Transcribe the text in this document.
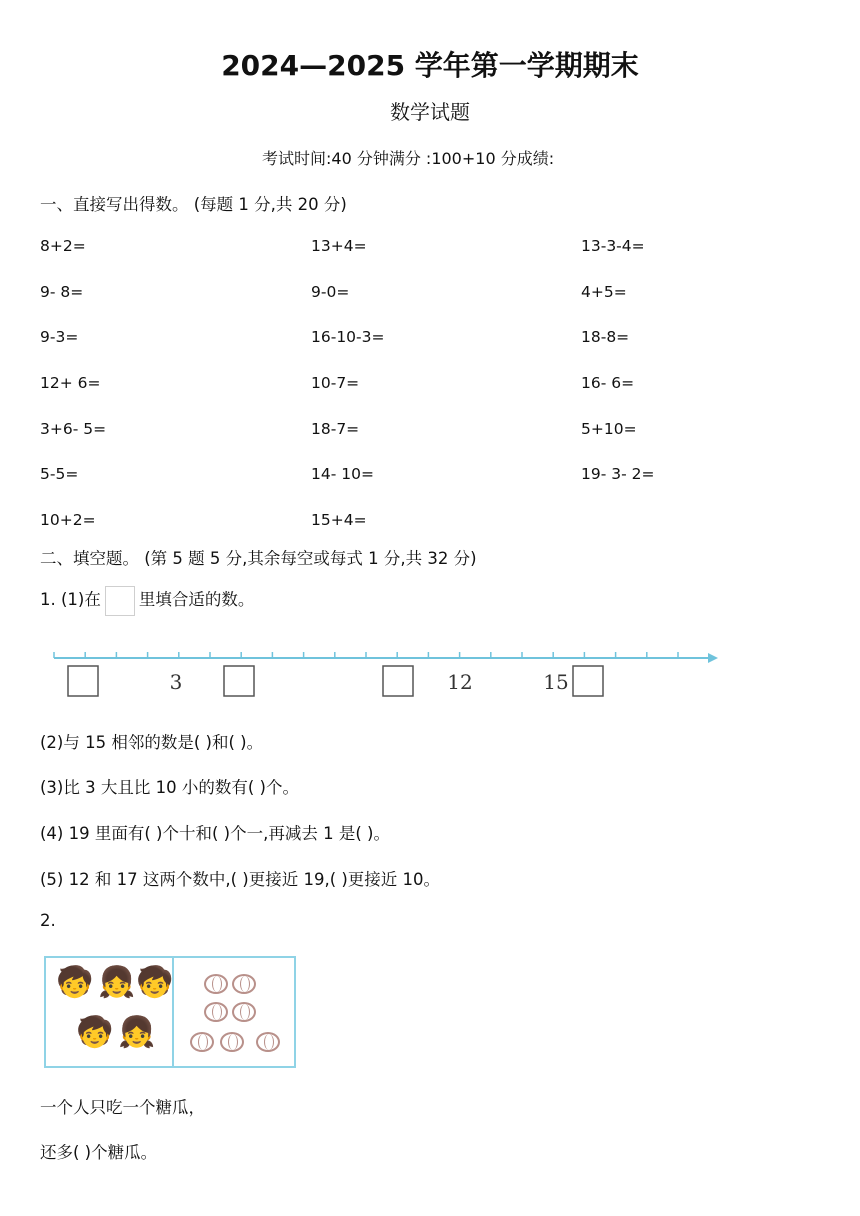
2024—2025 学年第一学期期末
数学试题
考试时间:40 分钟满分 :100+10 分成绩:
一、直接写出得数。 (每题 1 分,共 20 分)
8+2=	13+4=	13-3-4=
9- 8=	9-0=	4+5=
9-3=	16-10-3=	18-8=
12+ 6=	10-7=	16- 6=
3+6- 5=	18-7=	5+10=
5-5=	14- 10=	19- 3- 2=
10+2=	15+4=
二、填空题。 (第 5 题 5 分,其余每空或每式 1 分,共 32 分)
1. (1)在 里填合适的数。
3	12	15
(2)与 15 相邻的数是( )和( )。
(3)比 3 大且比 10 小的数有( )个。
(4) 19 里面有( )个十和( )个一,再减去 1 是( )。
(5) 12 和 17 这两个数中,( )更接近 19,( )更接近 10。
2.
🧒 👧 🧒
🧒 👧
一个人只吃一个糖瓜，
还多( )个糖瓜。
